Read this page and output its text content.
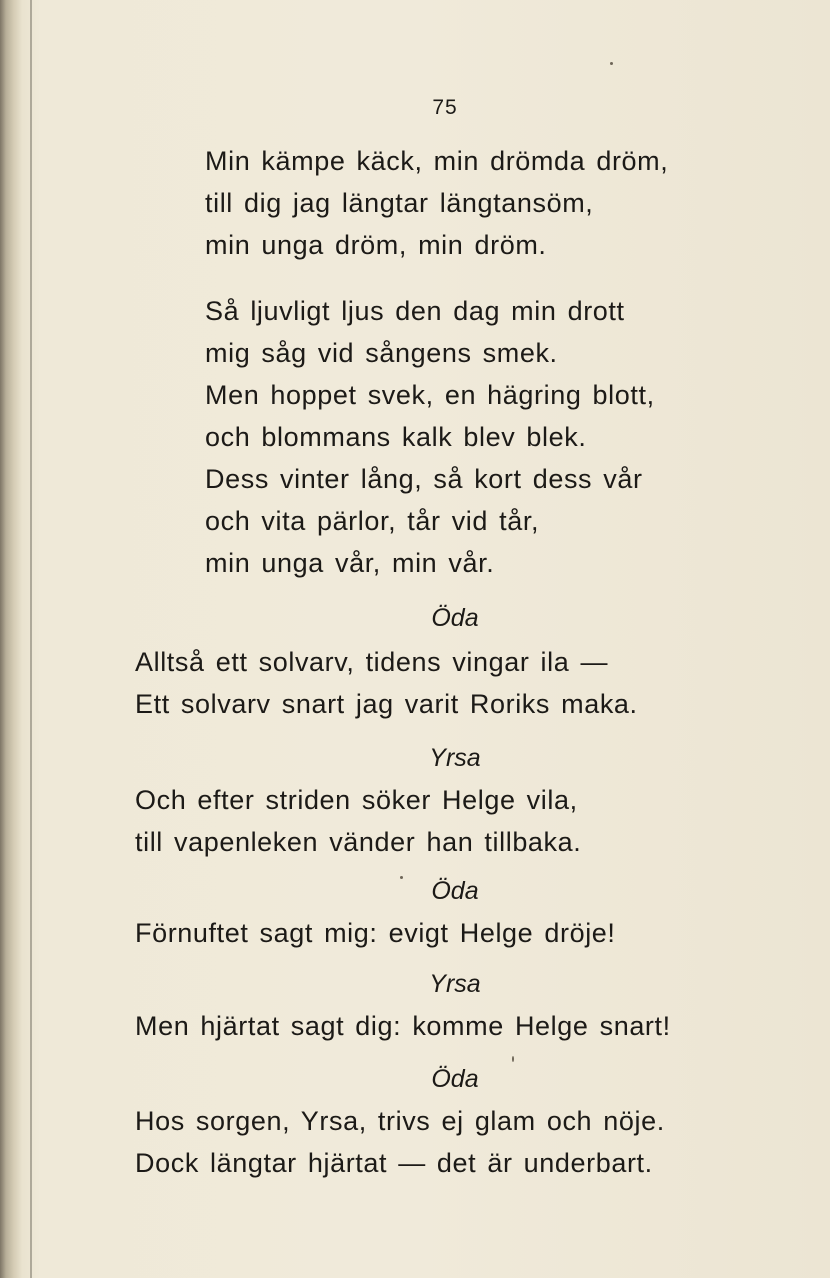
75
Min kämpe käck, min drömda dröm,
till dig jag längtar längtansöm,
min unga dröm, min dröm.
Så ljuvligt ljus den dag min drott
mig såg vid sångens smek.
Men hoppet svek, en hägring blott,
och blommans kalk blev blek.
Dess vinter lång, så kort dess vår
och vita pärlor, tår vid tår,
min unga vår, min vår.
Öda
Alltså ett solvarv, tidens vingar ila —
Ett solvarv snart jag varit Roriks maka.
Yrsa
Och efter striden söker Helge vila,
till vapenleken vänder han tillbaka.
Öda
Förnuftet sagt mig: evigt Helge dröje!
Yrsa
Men hjärtat sagt dig: komme Helge snart!
Öda
Hos sorgen, Yrsa, trivs ej glam och nöje.
Dock längtar hjärtat — det är underbart.
